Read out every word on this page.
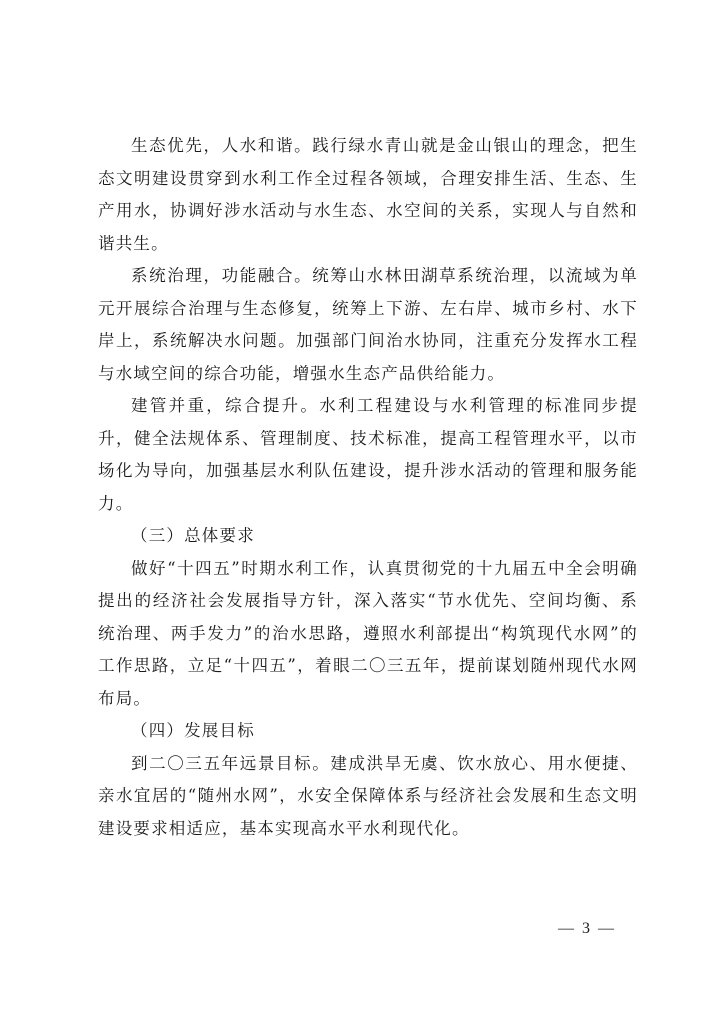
生态优先，人水和谐。践行绿水青山就是金山银山的理念，把生态文明建设贯穿到水利工作全过程各领域，合理安排生活、生态、生产用水，协调好涉水活动与水生态、水空间的关系，实现人与自然和谐共生。

系统治理，功能融合。统筹山水林田湖草系统治理，以流域为单元开展综合治理与生态修复，统筹上下游、左右岸、城市乡村、水下岸上，系统解决水问题。加强部门间治水协同，注重充分发挥水工程与水域空间的综合功能，增强水生态产品供给能力。

建管并重，综合提升。水利工程建设与水利管理的标准同步提升，健全法规体系、管理制度、技术标准，提高工程管理水平，以市场化为导向，加强基层水利队伍建设，提升涉水活动的管理和服务能力。

（三）总体要求

做好“十四五”时期水利工作，认真贯彻党的十九届五中全会明确提出的经济社会发展指导方针，深入落实“节水优先、空间均衡、系统治理、两手发力”的治水思路，遵照水利部提出“构筑现代水网”的工作思路，立足“十四五”，着眼二〇三五年，提前谋划随州现代水网布局。

（四）发展目标

到二〇三五年远景目标。建成洪旱无虞、饮水放心、用水便捷、亲水宜居的“随州水网”，水安全保障体系与经济社会发展和生态文明建设要求相适应，基本实现高水平水利现代化。

— 3 —
